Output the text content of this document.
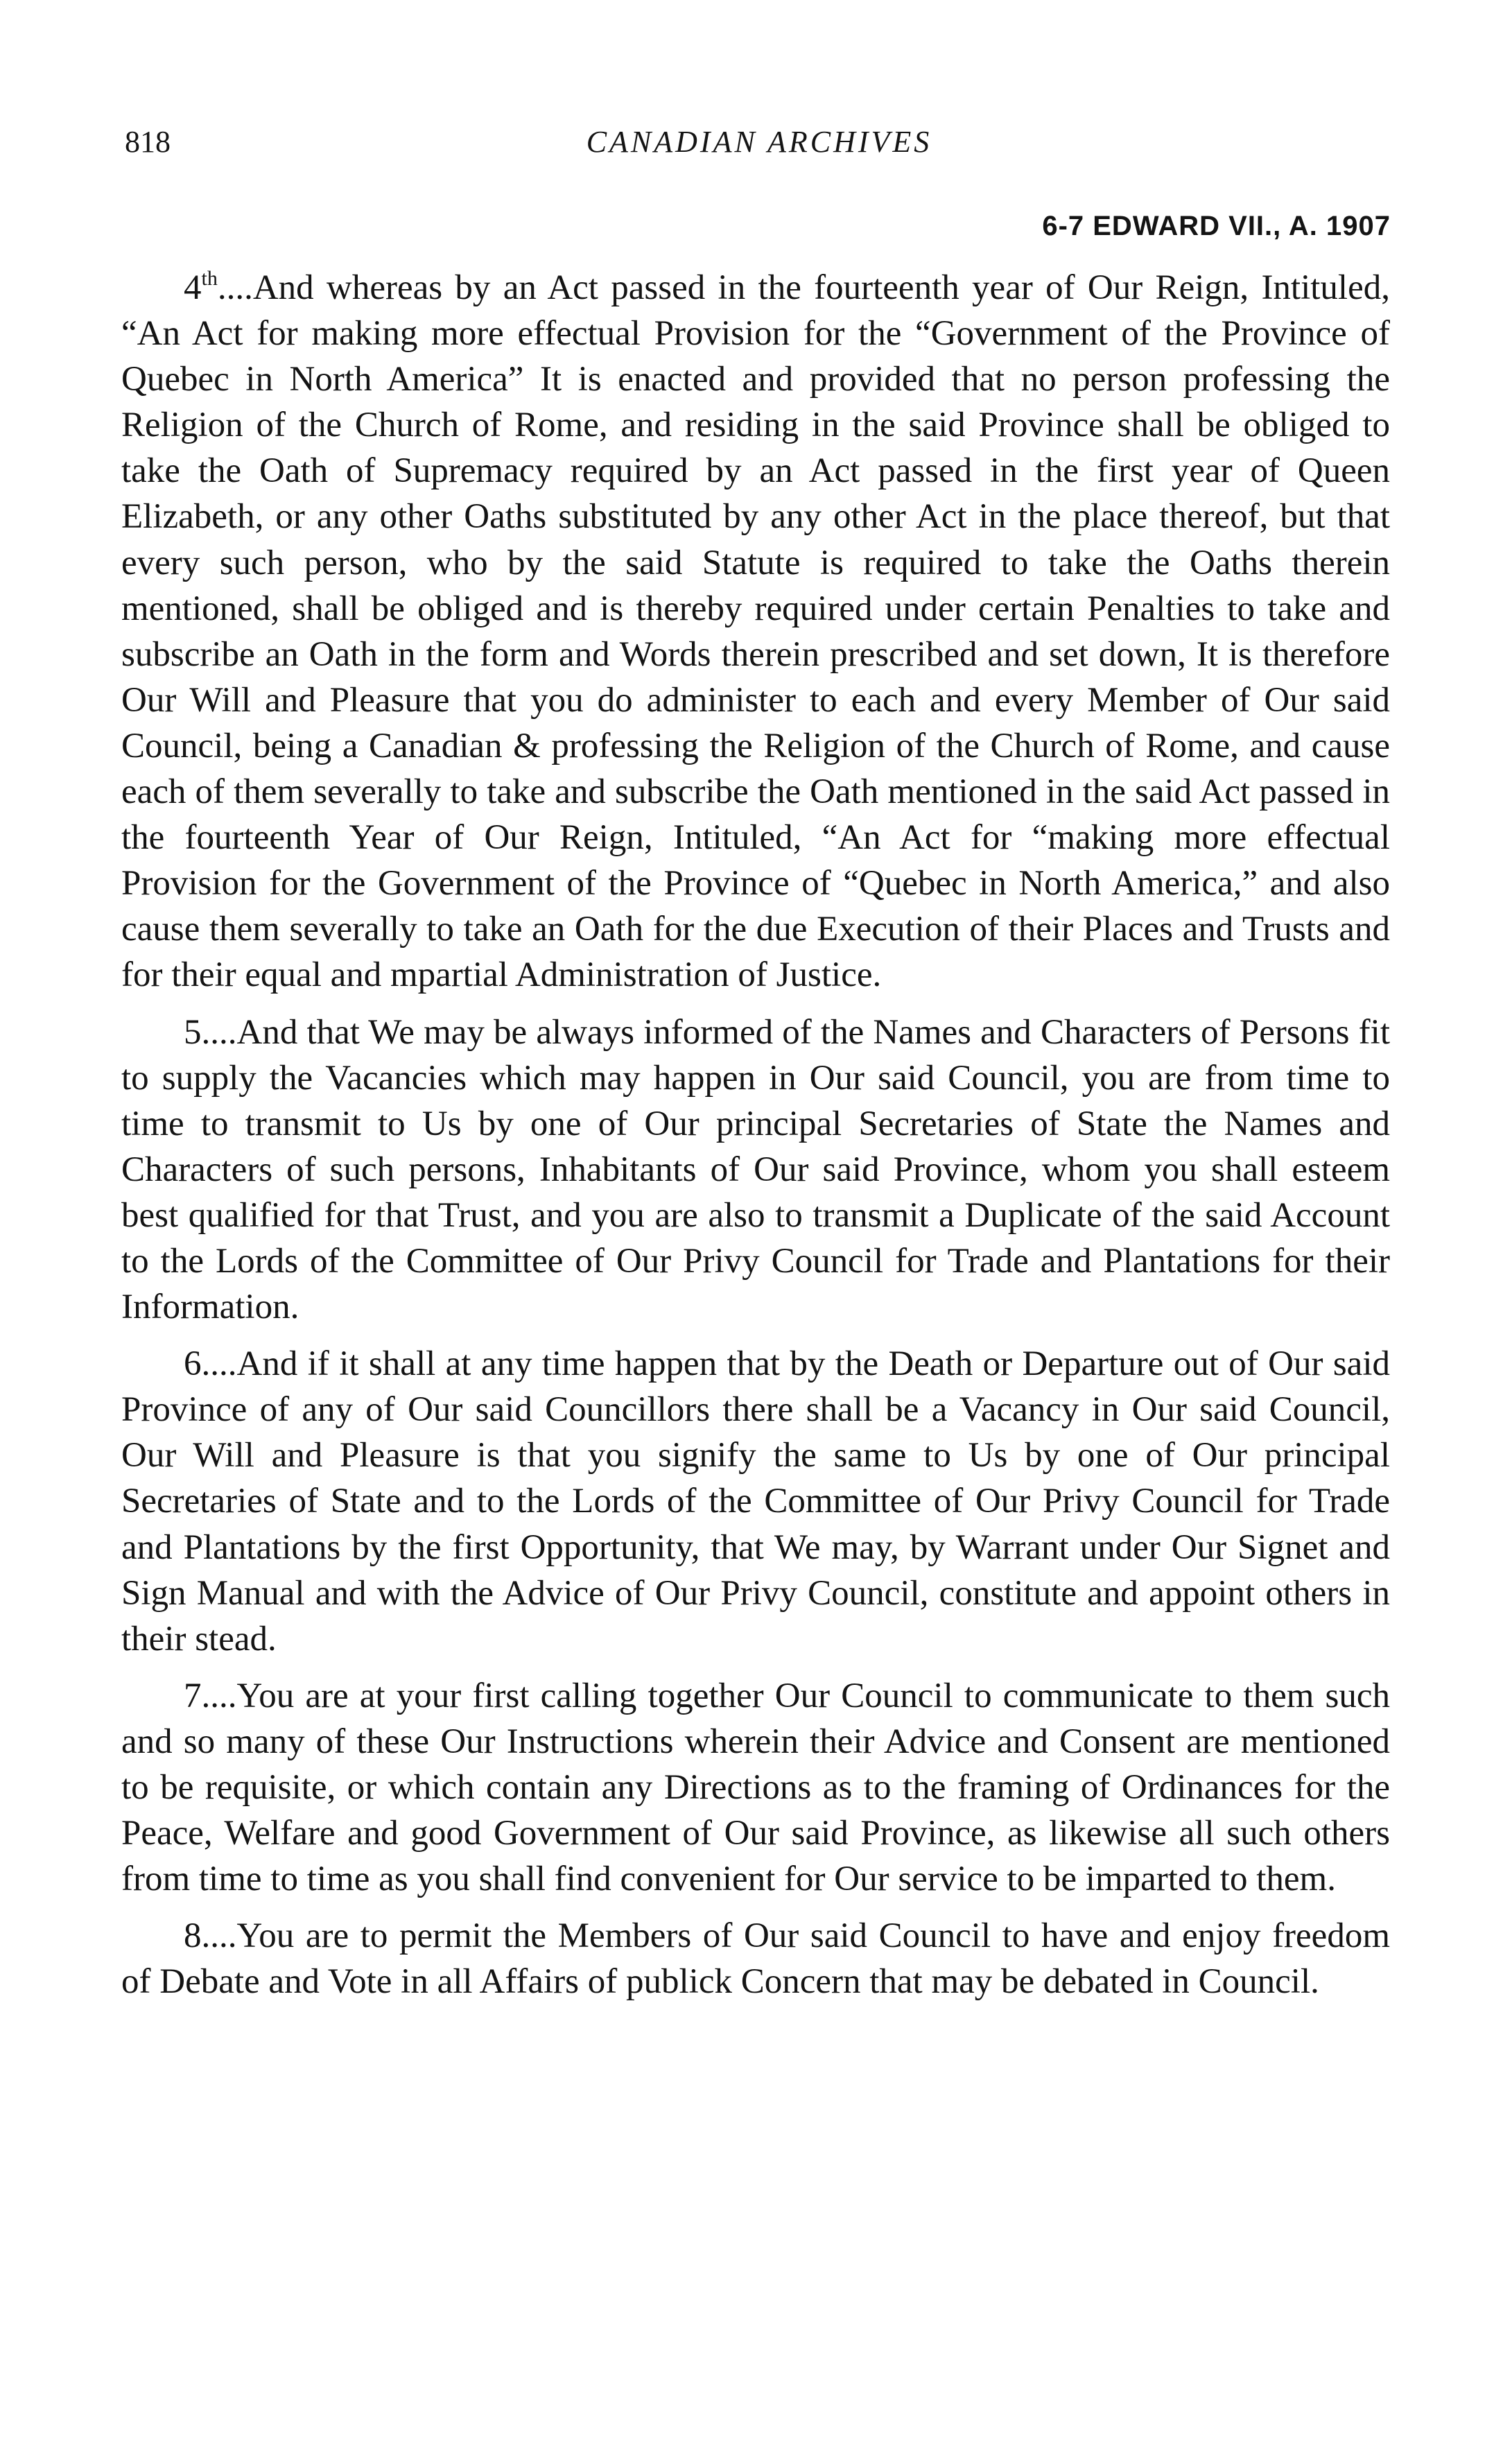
818	CANADIAN ARCHIVES
6-7 EDWARD VII., A. 1907

4th....And whereas by an Act passed in the fourteenth year of Our Reign, Intituled, “An Act for making more effectual Provision for the “Government of the Province of Quebec in North America” It is enacted and provided that no person professing the Religion of the Church of Rome, and residing in the said Province shall be obliged to take the Oath of Supremacy required by an Act passed in the first year of Queen Elizabeth, or any other Oaths substituted by any other Act in the place thereof, but that every such person, who by the said Statute is required to take the Oaths therein mentioned, shall be obliged and is thereby required under certain Penalties to take and subscribe an Oath in the form and Words therein prescribed and set down, It is therefore Our Will and Pleasure that you do administer to each and every Member of Our said Council, being a Canadian & professing the Religion of the Church of Rome, and cause each of them severally to take and subscribe the Oath mentioned in the said Act passed in the fourteenth Year of Our Reign, Intituled, “An Act for “making more effectual Provision for the Government of the Province of “Quebec in North America,” and also cause them severally to take an Oath for the due Execution of their Places and Trusts and for their equal and mpartial Administration of Justice.

5....And that We may be always informed of the Names and Characters of Persons fit to supply the Vacancies which may happen in Our said Council, you are from time to time to transmit to Us by one of Our principal Secretaries of State the Names and Characters of such persons, Inhabitants of Our said Province, whom you shall esteem best qualified for that Trust, and you are also to transmit a Duplicate of the said Account to the Lords of the Committee of Our Privy Council for Trade and Plantations for their Information.

6....And if it shall at any time happen that by the Death or Departure out of Our said Province of any of Our said Councillors there shall be a Vacancy in Our said Council, Our Will and Pleasure is that you signify the same to Us by one of Our principal Secretaries of State and to the Lords of the Committee of Our Privy Council for Trade and Plantations by the first Opportunity, that We may, by Warrant under Our Signet and Sign Manual and with the Advice of Our Privy Council, constitute and appoint others in their stead.

7....You are at your first calling together Our Council to communicate to them such and so many of these Our Instructions wherein their Advice and Consent are mentioned to be requisite, or which contain any Directions as to the framing of Ordinances for the Peace, Welfare and good Government of Our said Province, as likewise all such others from time to time as you shall find convenient for Our service to be imparted to them.

8....You are to permit the Members of Our said Council to have and enjoy freedom of Debate and Vote in all Affairs of publick Concern that may be debated in Council.
